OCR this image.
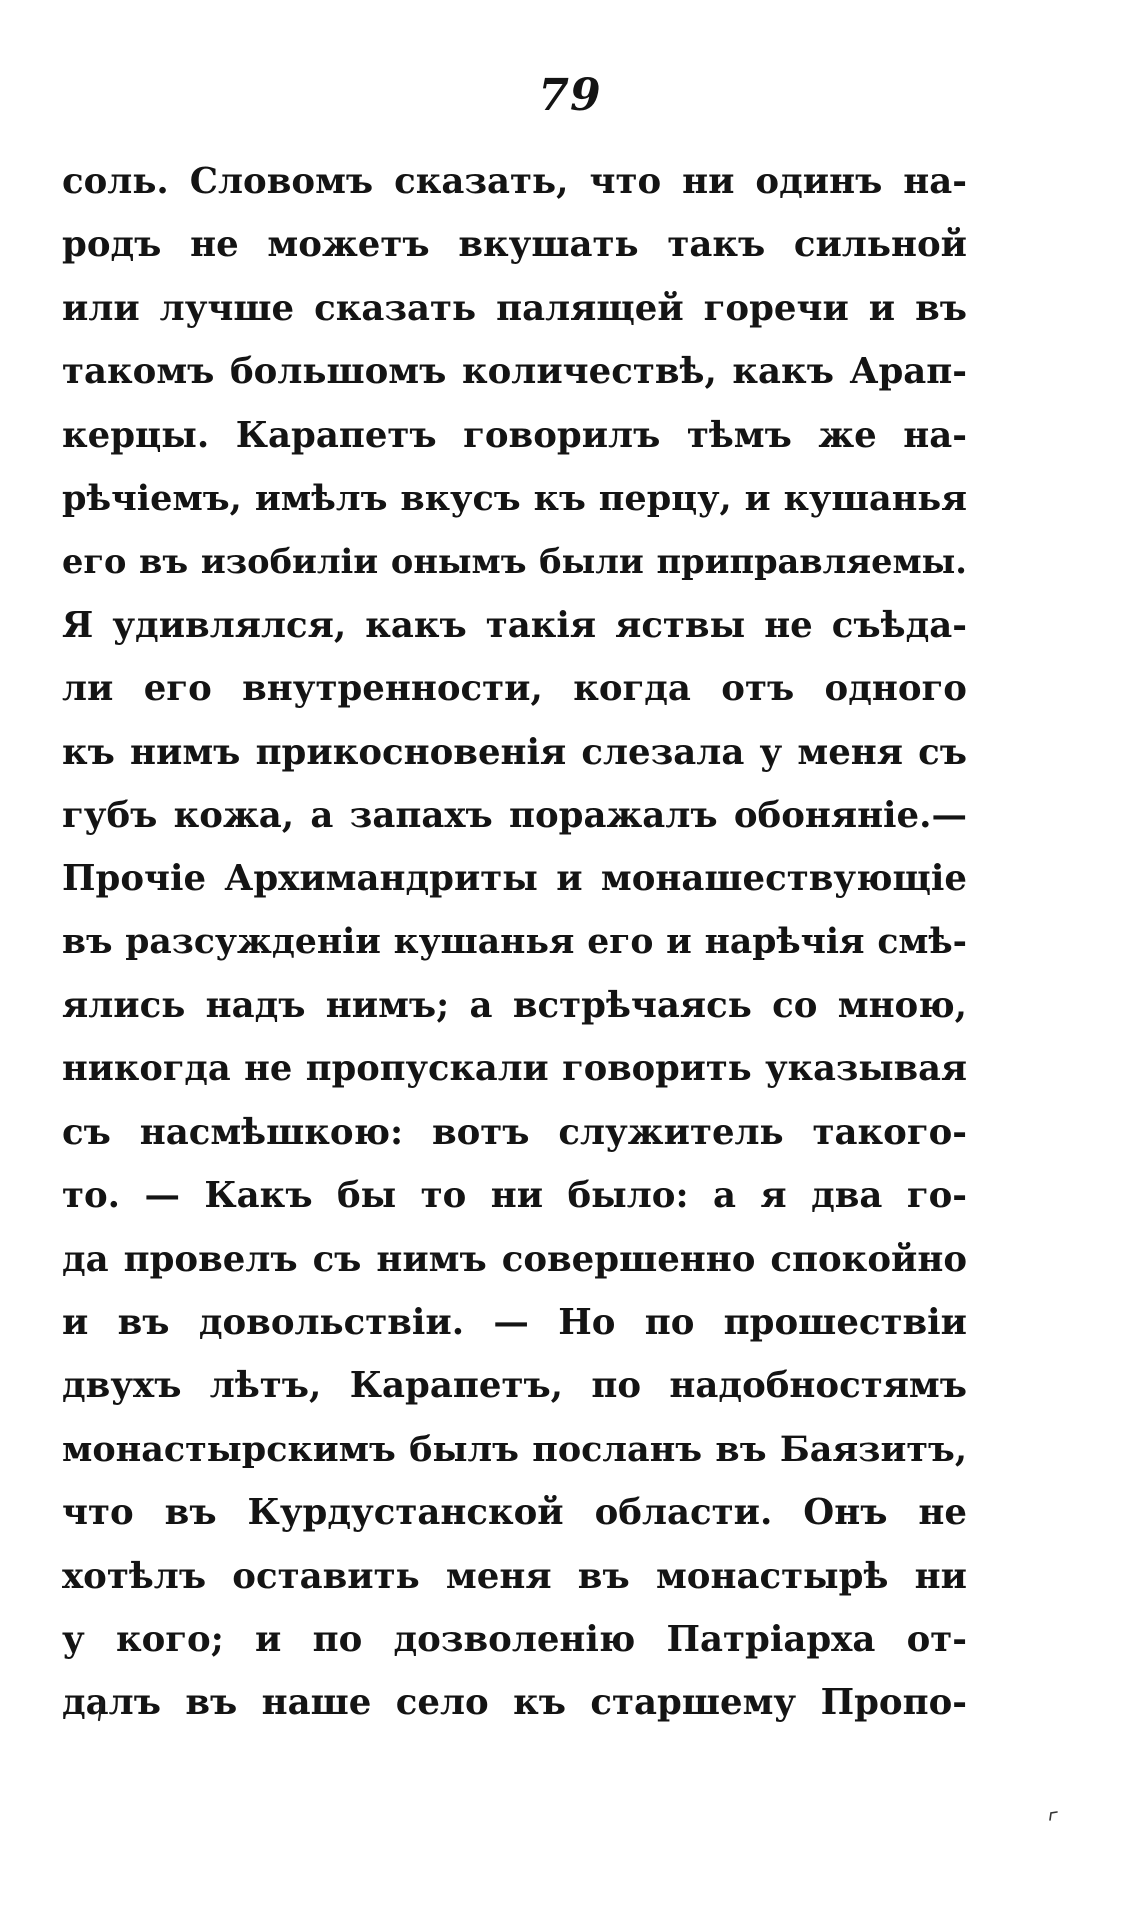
79
соль. Словомъ сказать, что ни одинъ на-
родъ не можетъ вкушать такъ сильной
или лучше сказать палящей горечи и въ
такомъ большомъ количествѣ, какъ Арап-
керцы. Карапетъ говорилъ тѣмъ же на-
рѣчіемъ, имѣлъ вкусъ къ перцу, и кушанья
его въ изобиліи онымъ были приправляемы.
Я удивлялся, какъ такія яствы не съѣда-
ли его внутренности, когда отъ одного
къ нимъ прикосновенія слезала у меня съ
губъ кожа, а запахъ поражалъ обоняніе.—
Прочіе Архимандриты и монашествующіе
въ разсужденіи кушанья его и нарѣчія смѣ-
ялись надъ нимъ; а встрѣчаясь со мною,
никогда не пропускали говорить указывая
съ насмѣшкою: вотъ служитель такого-
то. — Какъ бы то ни было: а я два го-
да провелъ съ нимъ совершенно спокойно
и въ довольствіи. — Но по прошествіи
двухъ лѣтъ, Карапетъ, по надобностямъ
монастырскимъ былъ посланъ въ Баязитъ,
что въ Курдустанской области. Онъ не
хотѣлъ оставить меня въ монастырѣ ни
у кого; и по дозволенію Патріарха от-
далъ въ наше село къ старшему Пропо-
